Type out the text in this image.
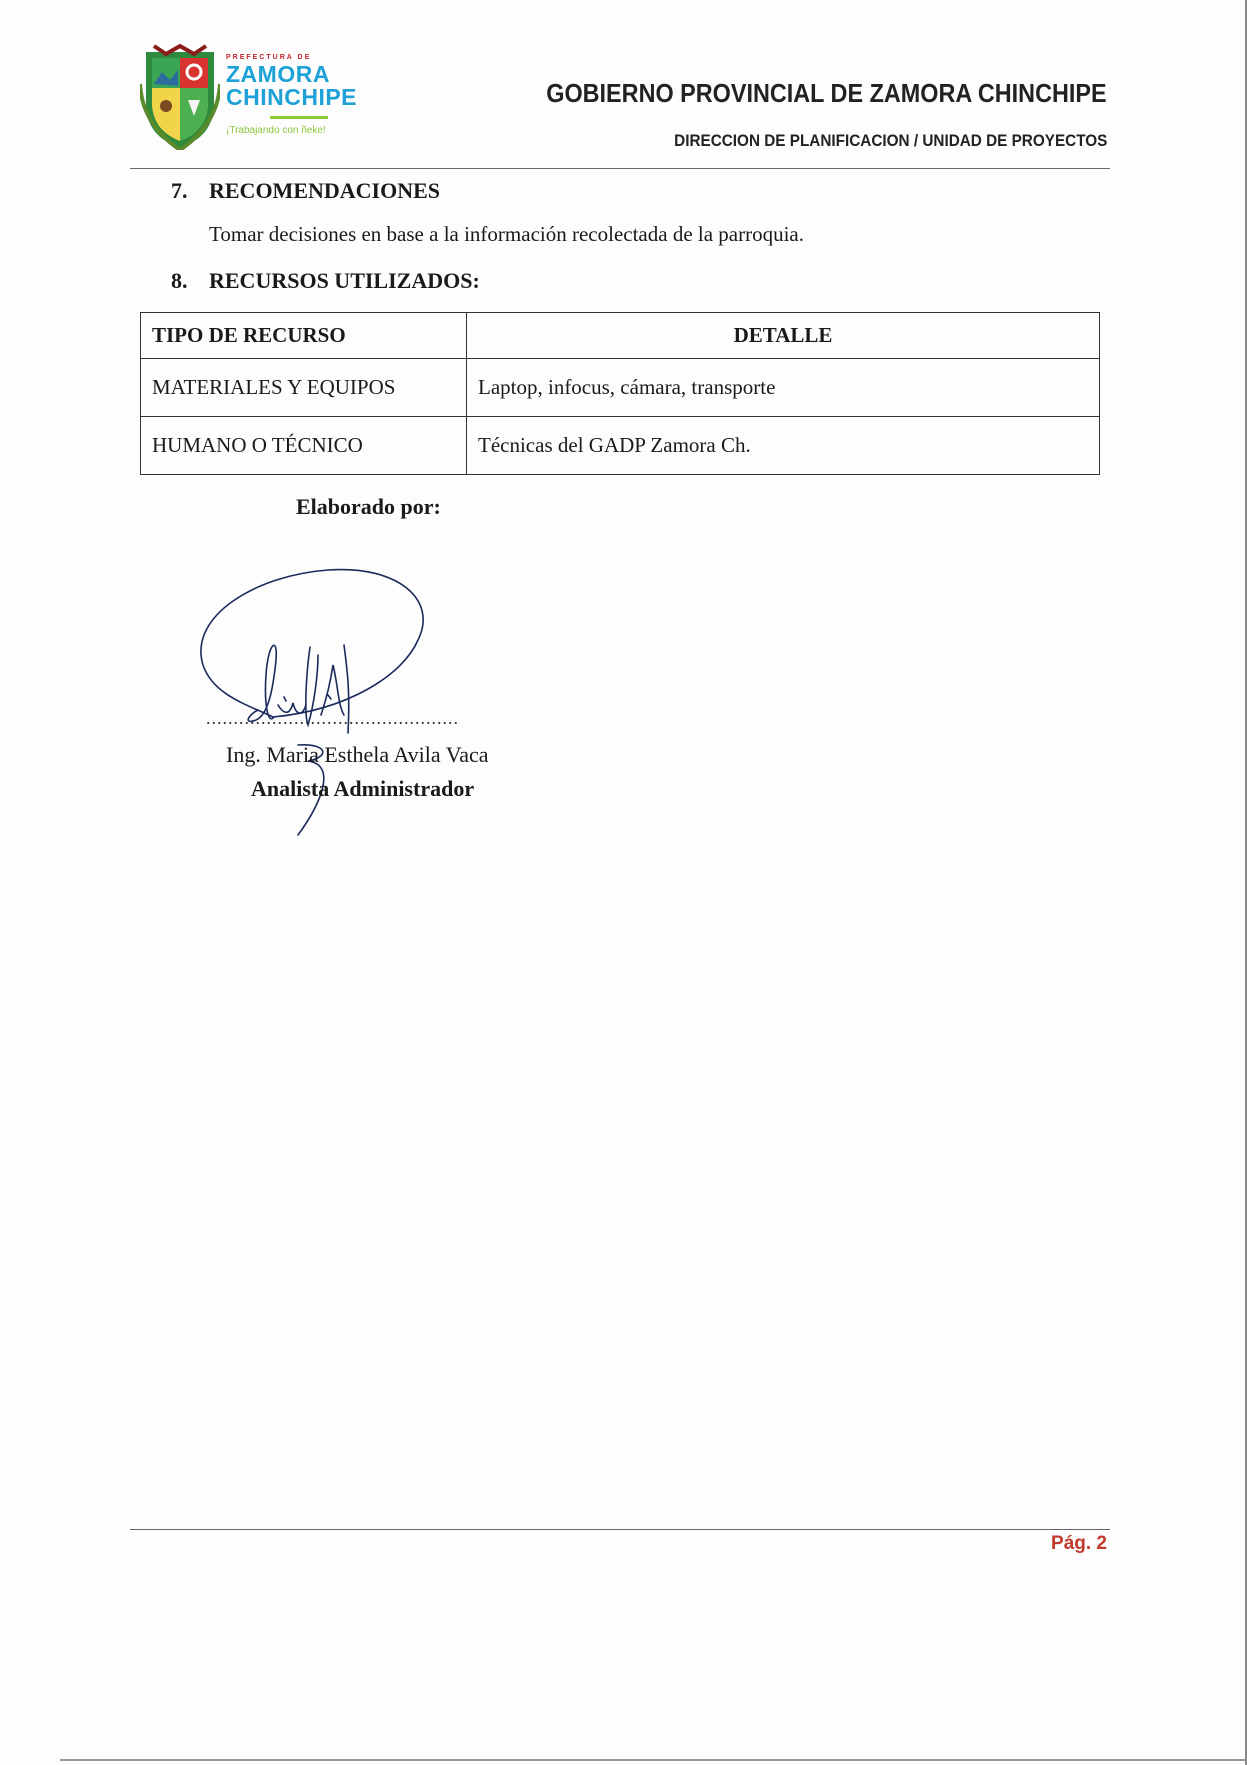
PREFECTURA DE
ZAMORA
CHINCHIPE
¡Trabajando con ñeke!
GOBIERNO PROVINCIAL DE ZAMORA CHINCHIPE
DIRECCION DE PLANIFICACION / UNIDAD DE PROYECTOS
7. RECOMENDACIONES
Tomar decisiones en base a la información recolectada de la parroquia.
8. RECURSOS UTILIZADOS:
TIPO DE RECURSO	DETALLE
MATERIALES Y EQUIPOS	Laptop, infocus, cámara, transporte
HUMANO O TÉCNICO	Técnicas del GADP Zamora Ch.
Elaborado por:
..............................................
Ing. Maria Esthela Avila Vaca
Analista Administrador
Pág. 2
